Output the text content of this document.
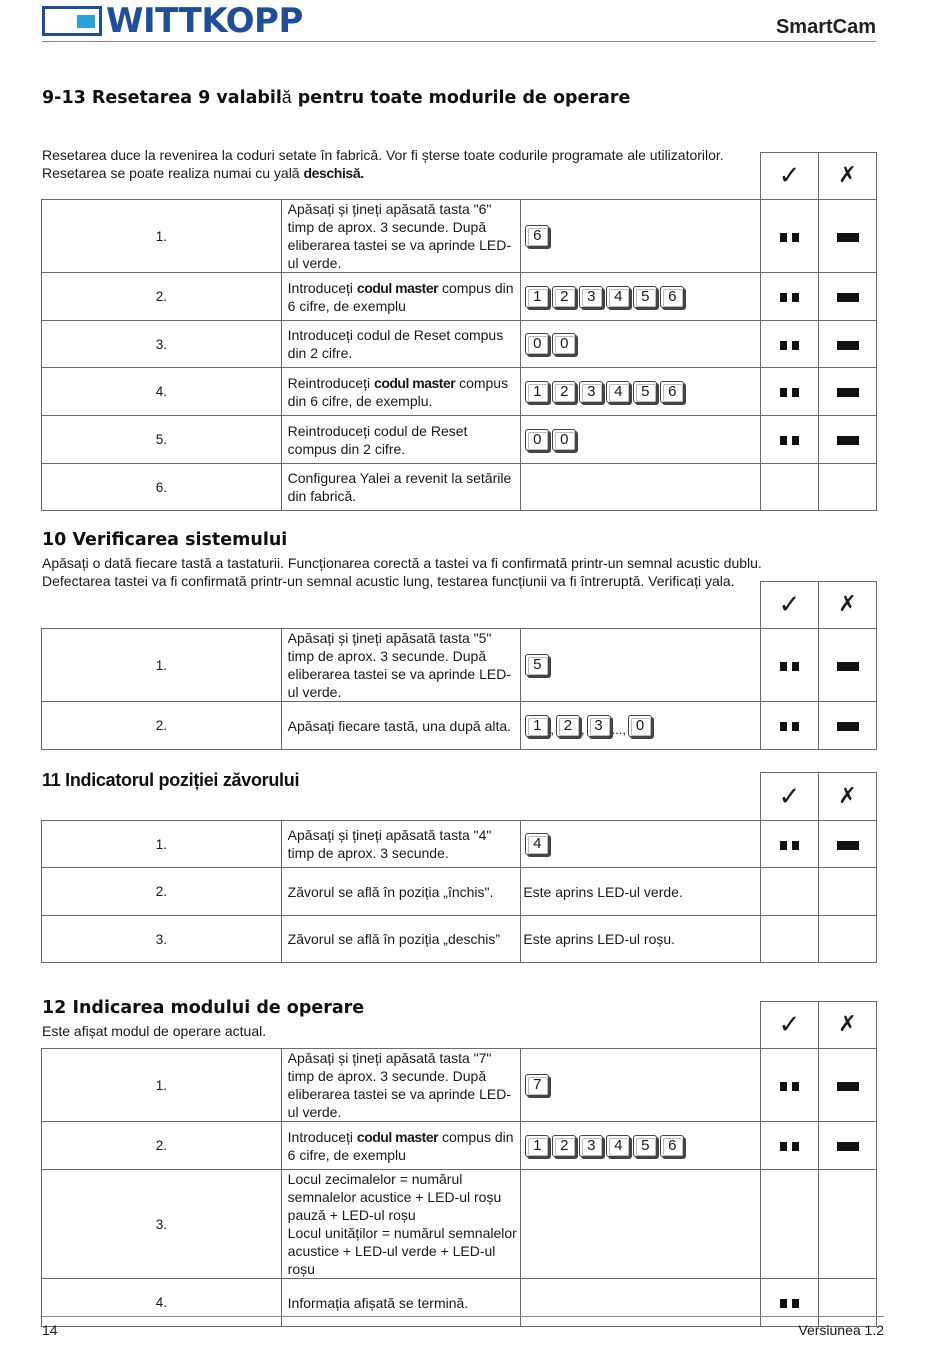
WITTKOPP	SmartCam
9-13 Resetarea 9 valabilă pentru toate modurile de operare
Resetarea duce la revenirea la coduri setate în fabrică. Vor fi șterse toate codurile programate ale utilizatorilor.
Resetarea se poate realiza numai cu yală deschisă.
			✓	✗
1.	Apăsați și țineți apăsată tasta "6" timp de aprox. 3 secunde. După eliberarea tastei se va aprinde LED-ul verde.	6		
2.	Introduceți codul master compus din 6 cifre, de exemplu	1 2 3 4 5 6		
3.	Introduceți codul de Reset compus din 2 cifre.	0 0		
4.	Reintroduceți codul master compus din 6 cifre, de exemplu.	1 2 3 4 5 6		
5.	Reintroduceți codul de Reset compus din 2 cifre.	0 0		
6.	Configurea Yalei a revenit la setările din fabrică.			
10 Verificarea sistemului
Apăsați o dată fiecare tastă a tastaturii. Funcționarea corectă a tastei va fi confirmată printr-un semnal acustic dublu.
Defectarea tastei va fi confirmată printr-un semnal acustic lung, testarea funcțiunii va fi întreruptă. Verificați yala.
			✓	✗
1.	Apăsați și țineți apăsată tasta "5" timp de aprox. 3 secunde. După eliberarea tastei se va aprinde LED-ul verde.	5		
2.	Apăsați fiecare tastă, una după alta.	1 , 2 , 3 ..., 0		
11 Indicatorul poziției zăvorului
			✓	✗
1.	Apăsați și țineți apăsată tasta "4" timp de aprox. 3 secunde.	4		
2.	Zăvorul se află în poziția „închis".	Este aprins LED-ul verde.		
3.	Zăvorul se află în poziția „deschis”	Este aprins LED-ul roșu.		
12 Indicarea modului de operare
Este afișat modul de operare actual.
			✓	✗
1.	Apăsați și țineți apăsată tasta "7" timp de aprox. 3 secunde. După eliberarea tastei se va aprinde LED-ul verde.	7		
2.	Introduceți codul master compus din 6 cifre, de exemplu	1 2 3 4 5 6		
3.	Locul zecimalelor = numărul semnalelor acustice + LED-ul roșu
pauză + LED-ul roșu
Locul unităților = numărul semnalelor acustice + LED-ul verde + LED-ul roșu			

4.	Informația afișată se termină.			
14	Versiunea 1.2
